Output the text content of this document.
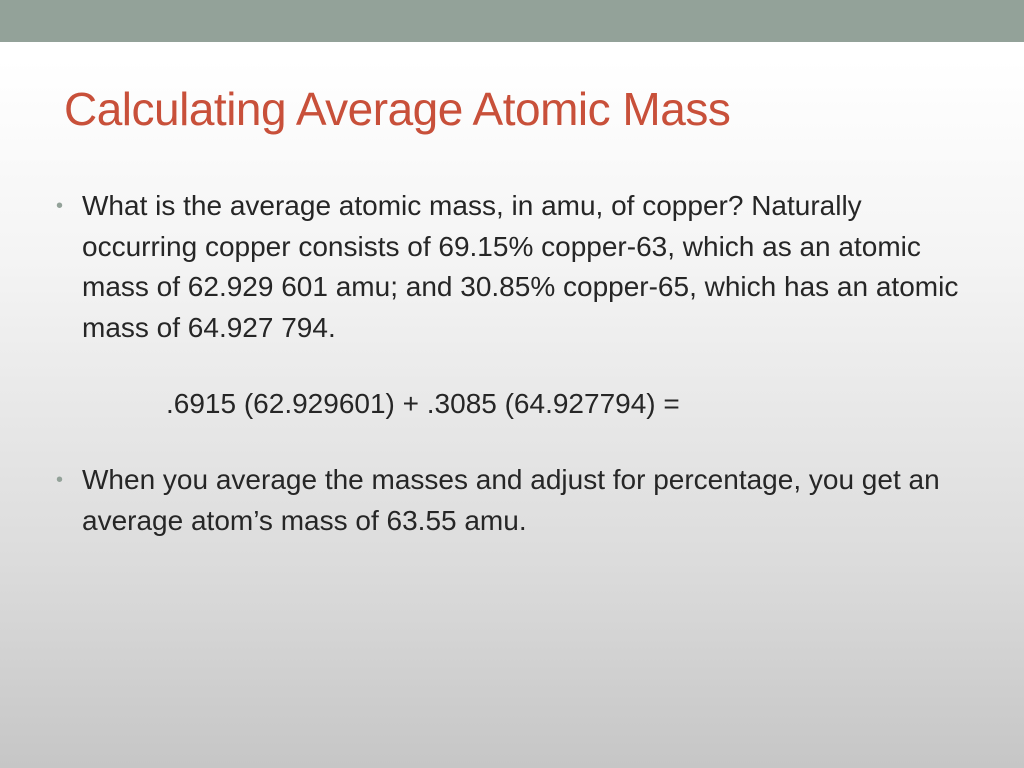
Calculating Average Atomic Mass
• What is the average atomic mass, in amu, of copper? Naturally occurring copper consists of 69.15% copper-63, which as an atomic mass of 62.929 601 amu; and 30.85% copper-65, which has an atomic mass of 64.927 794.
.6915 (62.929601) + .3085 (64.927794) =
• When you average the masses and adjust for percentage, you get an average atom’s mass of 63.55 amu.
